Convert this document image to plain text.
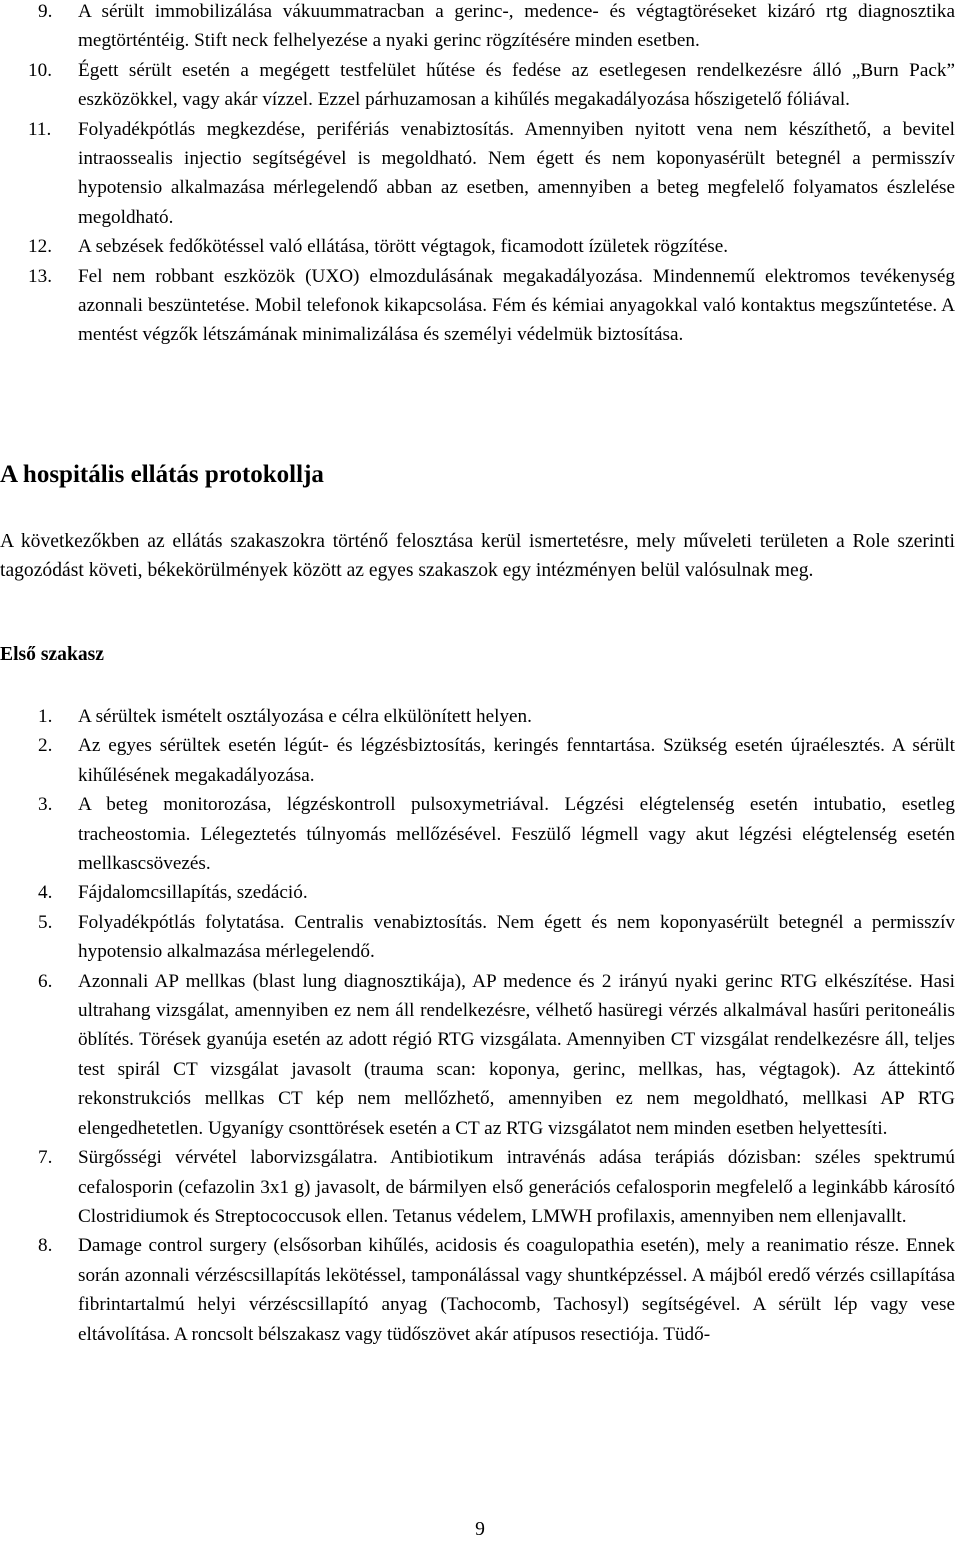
9. A sérült immobilizálása vákuummatracban a gerinc-, medence- és végtagtöréseket kizáró rtg diagnosztika megtörténtéig. Stift neck felhelyezése a nyaki gerinc rögzítésére minden esetben.
10. Égett sérült esetén a megégett testfelület hűtése és fedése az esetlegesen rendelkezésre álló „Burn Pack” eszközökkel, vagy akár vízzel. Ezzel párhuzamosan a kihűlés megakadályozása hőszigetelő fóliával.
11. Folyadékpótlás megkezdése, perifériás venabiztosítás. Amennyiben nyitott vena nem készíthető, a bevitel intraossealis injectio segítségével is megoldható. Nem égett és nem koponyasérült betegnél a permisszív hypotensio alkalmazása mérlegelendő abban az esetben, amennyiben a beteg megfelelő folyamatos észlelése megoldható.
12. A sebzések fedőkötéssel való ellátása, törött végtagok, ficamodott ízületek rögzítése.
13. Fel nem robbant eszközök (UXO) elmozdulásának megakadályozása. Mindennemű elektromos tevékenység azonnali beszüntetése. Mobil telefonok kikapcsolása. Fém és kémiai anyagokkal való kontaktus megszűntetése. A mentést végzők létszámának minimalizálása és személyi védelmük biztosítása.
A hospitális ellátás protokollja

A következőkben az ellátás szakaszokra történő felosztása kerül ismertetésre, mely műveleti területen a Role szerinti tagozódást követi, békekörülmények között az egyes szakaszok egy intézményen belül valósulnak meg.

Első szakasz
1. A sérültek ismételt osztályozása e célra elkülönített helyen.
2. Az egyes sérültek esetén légút- és légzésbiztosítás, keringés fenntartása. Szükség esetén újraélesztés. A sérült kihűlésének megakadályozása.
3. A beteg monitorozása, légzéskontroll pulsoxymetriával. Légzési elégtelenség esetén intubatio, esetleg tracheostomia. Lélegeztetés túlnyomás mellőzésével. Feszülő légmell vagy akut légzési elégtelenség esetén mellkascsövezés.
4. Fájdalomcsillapítás, szedáció.
5. Folyadékpótlás folytatása. Centralis venabiztosítás. Nem égett és nem koponyasérült betegnél a permisszív hypotensio alkalmazása mérlegelendő.
6. Azonnali AP mellkas (blast lung diagnosztikája), AP medence és 2 irányú nyaki gerinc RTG elkészítése. Hasi ultrahang vizsgálat, amennyiben ez nem áll rendelkezésre, vélhető hasüregi vérzés alkalmával hasűri peritoneális öblítés. Törések gyanúja esetén az adott régió RTG vizsgálata. Amennyiben CT vizsgálat rendelkezésre áll, teljes test spirál CT vizsgálat javasolt (trauma scan: koponya, gerinc, mellkas, has, végtagok). Az áttekintő rekonstrukciós mellkas CT kép nem mellőzhető, amennyiben ez nem megoldható, mellkasi AP RTG elengedhetetlen. Ugyanígy csonttörések esetén a CT az RTG vizsgálatot nem minden esetben helyettesíti.
7. Sürgősségi vérvétel laborvizsgálatra. Antibiotikum intravénás adása terápiás dózisban: széles spektrumú cefalosporin (cefazolin 3x1 g) javasolt, de bármilyen első generációs cefalosporin megfelelő a leginkább károsító Clostridiumok és Streptococcusok ellen. Tetanus védelem, LMWH profilaxis, amennyiben nem ellenjavallt.
8. Damage control surgery (elsősorban kihűlés, acidosis és coagulopathia esetén), mely a reanimatio része. Ennek során azonnali vérzéscsillapítás lekötéssel, tamponálással vagy shuntképzéssel. A májból eredő vérzés csillapítása fibrintartalmú helyi vérzéscsillapító anyag (Tachocomb, Tachosyl) segítségével. A sérült lép vagy vese eltávolítása. A roncsolt bélszakasz vagy tüdőszövet akár atípusos resectiója. Tüdő-
9
